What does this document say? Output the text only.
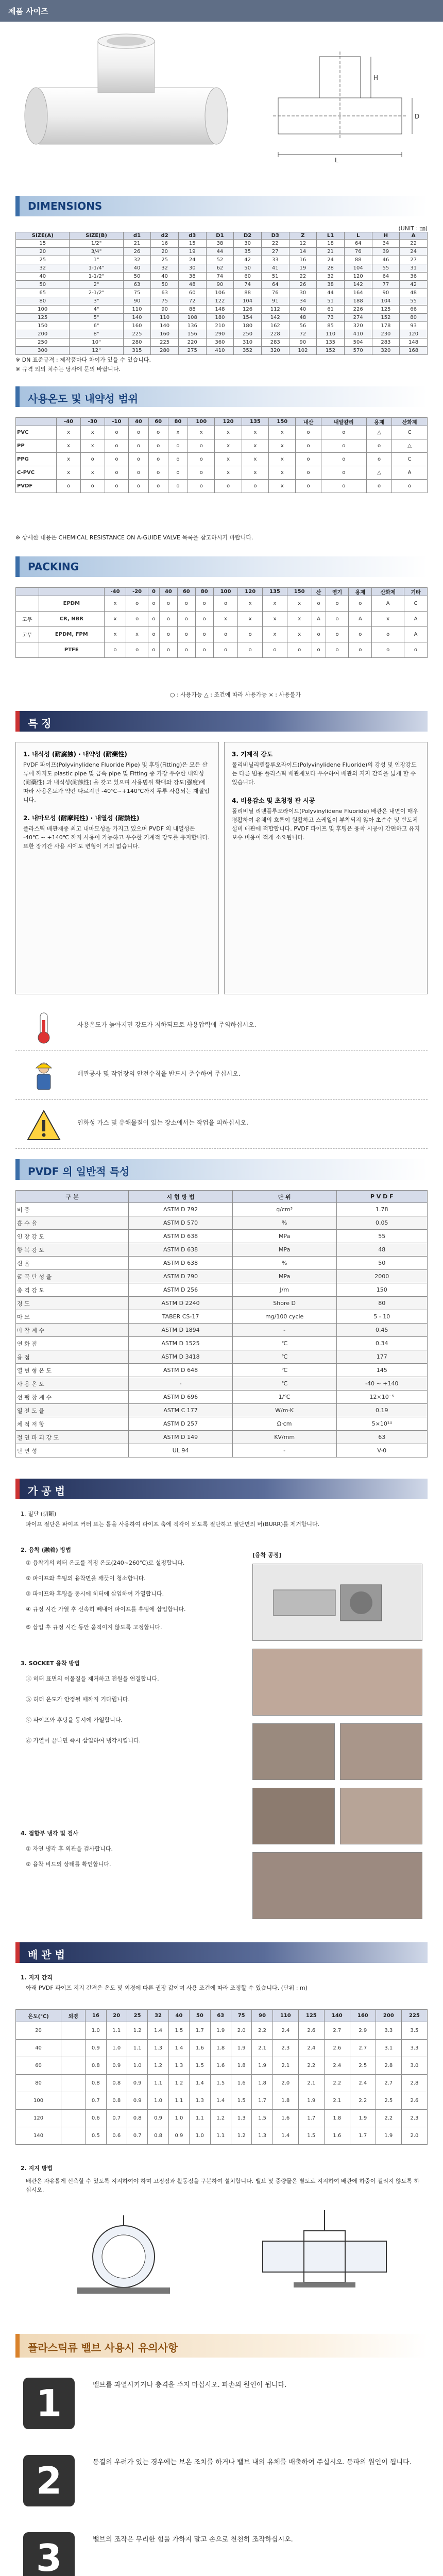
제품 사이즈
L
D
H
DIMENSIONS
(UNIT : ㎜)
SIZE(A)	SIZE(B)	d1	d2	d3	D1	D2	D3	Z	L1	L	H	A
15	1/2"	21	16	15	38	30	22	12	18	64	34	22
20	3/4"	26	20	19	44	35	27	14	21	76	39	24
25	1"	32	25	24	52	42	33	16	24	88	46	27
32	1-1/4"	40	32	30	62	50	41	19	28	104	55	31
40	1-1/2"	50	40	38	74	60	51	22	32	120	64	36
50	2"	63	50	48	90	74	64	26	38	142	77	42
65	2-1/2"	75	63	60	106	88	76	30	44	164	90	48
80	3"	90	75	72	122	104	91	34	51	188	104	55
100	4"	110	90	88	148	126	112	40	61	226	125	66
125	5"	140	110	108	180	154	142	48	73	274	152	80
150	6"	160	140	136	210	180	162	56	85	320	178	93
200	8"	225	160	156	290	250	228	72	110	410	230	120
250	10"	280	225	220	360	310	283	90	135	504	283	148
300	12"	315	280	275	410	352	320	102	152	570	320	168
※ DN 표준규격 : 제작품마다 차이가 있을 수 있습니다.
※ 규격 외의 치수는 당사에 문의 바랍니다.
사용온도 및 내약성 범위
	-40	-30	-10	40	60	80	100	120	135	150	내산	내알칼리	용제	산화제
PVC	x	x	o	o	o	x	x	x	x	x	o	o	△	C
PP	x	x	o	o	o	o	o	x	x	x	o	o	o	△
PPG	x	o	o	o	o	o	o	x	x	x	o	o	o	C
C-PVC	x	x	o	o	o	o	o	x	x	x	o	o	△	A
PVDF	o	o	o	o	o	o	o	o	o	x	o	o	o	o
※ 상세한 내용은 CHEMICAL RESISTANCE ON A-GUIDE VALVE 목록을 참고하시기 바랍니다.
PACKING
		-40	-20	0	40	60	80	100	120	135	150	산	염기	용제	산화제	기타
	EPDM	x	o	o	o	o	o	o	x	x	x	o	o	o	A	C
고무	CR, NBR	x	o	o	o	o	o	x	x	x	x	A	o	A	x	A
고무	EPDM, FPM	x	x	o	o	o	o	o	o	x	x	o	o	o	o	A
	PTFE	o	o	o	o	o	o	o	o	o	o	o	o	o	o	o
○ : 사용가능 △ : 조건에 따라 사용가능 × : 사용불가
특 징
1. 내식성 (耐腐蝕) · 내약성 (耐藥性)

PVDF 파이프(Polyvinylidene Fluoride Pipe) 및 후팅(Fitting)은 모든 산류에 까지도 plastic pipe 및 금속 pipe 및 Fitting 중 가장 우수한 내약성 (耐藥性) 과 내식성(耐蝕性) 을 갖고 있으며 사용범위 확대와 강도(强度)에 따라 사용온도가 약간 다르지만 -40℃~+140℃까지 두루 사용되는 재질입니다.

2. 내마모성 (耐摩耗性) · 내열성 (耐熱性)

플라스틱 배관재중 최고 내마모성을 가지고 있으며 PVDF 의 내열성은 -40℃ ~ +140℃ 까지 사용이 가능하고 우수한 기계적 강도를 유지합니다. 또한 장기간 사용 시에도 변형이 거의 없습니다.

3. 기계적 강도

폴리비닐리덴플루오라이드(Polyvinylidene Fluoride)의 강성 및 인장강도는 다른 범용 플라스틱 배관재보다 우수하여 배관의 지지 간격을 넓게 할 수 있습니다.

4. 비용감소 및 초청정 관 시공

폴리비닐 리덴플루오라이드(Polyvinylidene Fluoride) 배관은 내면이 매우 평활하여 유체의 흐름이 원활하고 스케일이 부착되지 않아 초순수 및 반도체 설비 배관에 적합합니다. PVDF 파이프 및 후팅은 융착 시공이 간편하고 유지보수 비용이 적게 소요됩니다.

사용온도가 높아지면 강도가 저하되므로 사용압력에 주의하십시오.
배관공사 및 작업장의 안전수칙을 반드시 준수하여 주십시오.
인화성 가스 및 유해물질이 있는 장소에서는 작업을 피하십시오.
PVDF 의 일반적 특성
구 분	시 험 방 법	단 위	P V D F
비 중	ASTM D 792	g/cm³	1.78
흡 수 율	ASTM D 570	%	0.05
인 장 강 도	ASTM D 638	MPa	55
항 복 강 도	ASTM D 638	MPa	48
신 율	ASTM D 638	%	50
굴 곡 탄 성 율	ASTM D 790	MPa	2000
충 격 강 도	ASTM D 256	J/m	150
경 도	ASTM D 2240	Shore D	80
마 모	TABER CS-17	mg/100 cycle	5 - 10
마 찰 계 수	ASTM D 1894	-	0.45
연 화 점	ASTM D 1525	℃	0.34
융 점	ASTM D 3418	℃	177
열 변 형 온 도	ASTM D 648	℃	145
사 용 온 도	-	℃	-40 ~ +140
선 팽 창 계 수	ASTM D 696	1/℃	12×10⁻⁵
열 전 도 율	ASTM C 177	W/m·K	0.19
체 적 저 항	ASTM D 257	Ω·cm	5×10¹⁴
절 연 파 괴 강 도	ASTM D 149	KV/mm	63
난 연 성	UL 94	-	V-0
가 공 법
1. 절단 (切斷)
파이프 절단은 파이프 커터 또는 톱을 사용하여 파이프 축에 직각이 되도록 절단하고 절단면의 버(BURR)를 제거합니다.
2. 융착 (融着) 방법
① 융착기의 히터 온도를 적정 온도(240~260℃)로 설정합니다.
② 파이프와 후팅의 융착면을 깨끗이 청소합니다.
③ 파이프와 후팅을 동시에 히터에 삽입하여 가열합니다.
④ 규정 시간 가열 후 신속히 빼내어 파이프를 후팅에 삽입합니다.
⑤ 삽입 후 규정 시간 동안 움직이지 않도록 고정합니다.
3. SOCKET 융착 방법
ⓐ 히터 표면의 이물질을 제거하고 전원을 연결합니다.
ⓑ 히터 온도가 안정될 때까지 기다립니다.
ⓒ 파이프와 후팅을 동시에 가열합니다.
ⓓ 가열이 끝나면 즉시 삽입하여 냉각시킵니다.
4. 접합부 냉각 및 검사
① 자연 냉각 후 외관을 검사합니다.
② 융착 비드의 상태를 확인합니다.
[융착 공정]
배 관 법
1. 지지 간격
아래 PVDF 파이프 지지 간격은 온도 및 외경에 따른 권장 값이며 사용 조건에 따라 조정할 수 있습니다. (단위 : m)
온도(℃)	외경	16	20	25	32	40	50	63	75	90	110	125	140	160	200	225
20		1.0	1.1	1.2	1.4	1.5	1.7	1.9	2.0	2.2	2.4	2.6	2.7	2.9	3.3	3.5
40		0.9	1.0	1.1	1.3	1.4	1.6	1.8	1.9	2.1	2.3	2.4	2.6	2.7	3.1	3.3
60		0.8	0.9	1.0	1.2	1.3	1.5	1.6	1.8	1.9	2.1	2.2	2.4	2.5	2.8	3.0
80		0.8	0.8	0.9	1.1	1.2	1.4	1.5	1.6	1.8	2.0	2.1	2.2	2.4	2.7	2.8
100		0.7	0.8	0.9	1.0	1.1	1.3	1.4	1.5	1.7	1.8	1.9	2.1	2.2	2.5	2.6
120		0.6	0.7	0.8	0.9	1.0	1.1	1.2	1.3	1.5	1.6	1.7	1.8	1.9	2.2	2.3
140		0.5	0.6	0.7	0.8	0.9	1.0	1.1	1.2	1.3	1.4	1.5	1.6	1.7	1.9	2.0
2. 지지 방법
배관은 자유롭게 신축할 수 있도록 지지하여야 하며 고정점과 활동점을 구분하여 설치합니다. 밸브 및 중량물은 별도로 지지하여 배관에 하중이 걸리지 않도록 하십시오.
플라스틱류 밸브 사용시 유의사항
1	밸브를 과열시키거나 충격을 주지 마십시오. 파손의 원인이 됩니다.
2	동결의 우려가 있는 경우에는 보온 조치를 하거나 밸브 내의 유체를 배출하여 주십시오. 동파의 원인이 됩니다.
3	밸브의 조작은 무리한 힘을 가하지 말고 손으로 천천히 조작하십시오.
